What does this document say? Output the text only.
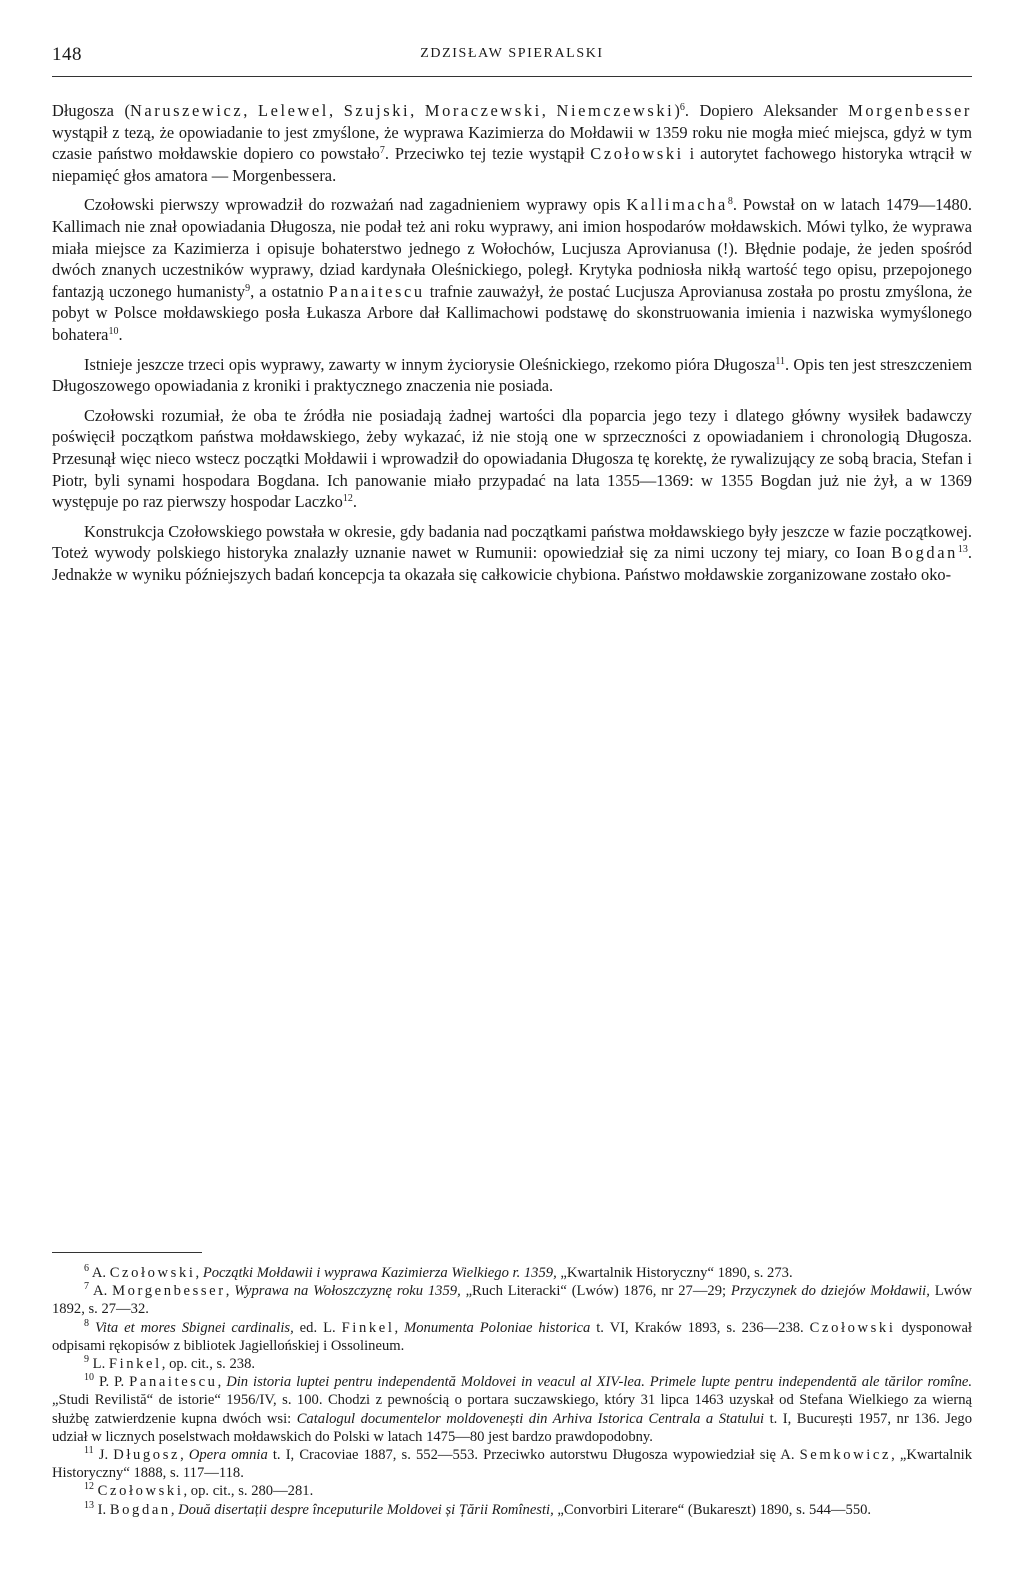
148	ZDZISŁAW SPIERALSKI

Długosza (Naruszewicz, Lelewel, Szujski, Moraczewski, Niemczewski)$^6$. Dopiero Aleksander Morgenbesser wystąpił z tezą, że opowiadanie to jest zmyślone, że wyprawa Kazimierza do Mołdawii w 1359 roku nie mogła mieć miejsca, gdyż w tym czasie państwo mołdawskie dopiero co powstało$^7$. Przeciwko tej tezie wystąpił Czołowski i autorytet fachowego historyka wtrącił w niepamięć głos amatora — Morgenbessera.

Czołowski pierwszy wprowadził do rozważań nad zagadnieniem wyprawy opis Kallimacha$^8$. Powstał on w latach 1479—1480. Kallimach nie znał opowiadania Długosza, nie podał też ani roku wyprawy, ani imion hospodarów mołdawskich. Mówi tylko, że wyprawa miała miejsce za Kazimierza i opisuje bohaterstwo jednego z Wołochów, Lucjusza Aprovianusa (!). Błędnie podaje, że jeden spośród dwóch znanych uczestników wyprawy, dziad kardynała Oleśnickiego, poległ. Krytyka podniosła nikłą wartość tego opisu, przepojonego fantazją uczonego humanisty$^9$, a ostatnio Panaitescu trafnie zauważył, że postać Lucjusza Aprovianusa została po prostu zmyślona, że pobyt w Polsce mołdawskiego posła Łukasza Arbore dał Kallimachowi podstawę do skonstruowania imienia i nazwiska wymyślonego bohatera$^{10}$.

Istnieje jeszcze trzeci opis wyprawy, zawarty w innym życiorysie Oleśnickiego, rzekomo pióra Długosza$^{11}$. Opis ten jest streszczeniem Długoszowego opowiadania z kroniki i praktycznego znaczenia nie posiada.

Czołowski rozumiał, że oba te źródła nie posiadają żadnej wartości dla poparcia jego tezy i dlatego główny wysiłek badawczy poświęcił początkom państwa mołdawskiego, żeby wykazać, iż nie stoją one w sprzeczności z opowiadaniem i chronologią Długosza. Przesunął więc nieco wstecz początki Mołdawii i wprowadził do opowiadania Długosza tę korektę, że rywalizujący ze sobą bracia, Stefan i Piotr, byli synami hospodara Bogdana. Ich panowanie miało przypadać na lata 1355—1369: w 1355 Bogdan już nie żył, a w 1369 występuje po raz pierwszy hospodar Laczko$^{12}$.

Konstrukcja Czołowskiego powstała w okresie, gdy badania nad początkami państwa mołdawskiego były jeszcze w fazie początkowej. Toteż wywody polskiego historyka znalazły uznanie nawet w Rumunii: opowiedział się za nimi uczony tej miary, co Ioan Bogdan$^{13}$. Jednakże w wyniku późniejszych badań koncepcja ta okazała się całkowicie chybiona. Państwo mołdawskie zorganizowane zostało oko-

$^6$ A. Czołowski, Początki Mołdawii i wyprawa Kazimierza Wielkiego r. 1359, „Kwartalnik Historyczny“ 1890, s. 273.

$^7$ A. Morgenbesser, Wyprawa na Wołoszczyznę roku 1359, „Ruch Literacki“ (Lwów) 1876, nr 27—29; Przyczynek do dziejów Mołdawii, Lwów 1892, s. 27—32.

$^8$ Vita et mores Sbignei cardinalis, ed. L. Finkel, Monumenta Poloniae historica t. VI, Kraków 1893, s. 236—238. Czołowski dysponował odpisami rękopisów z bibliotek Jagiellońskiej i Ossolineum.

$^9$ L. Finkel, op. cit., s. 238.

$^{10}$ P. P. Panaitescu, Din istoria luptei pentru independentă Moldovei in veacul al XIV-lea. Primele lupte pentru independentă ale tărilor romîne. „Studi Revilistă“ de istorie“ 1956/IV, s. 100. Chodzi z pewnością o portara suczawskiego, który 31 lipca 1463 uzyskał od Stefana Wielkiego za wierną służbę zatwierdzenie kupna dwóch wsi: Catalogul documentelor moldovenești din Arhiva Istorica Centrala a Statului t. I, București 1957, nr 136. Jego udział w licznych poselstwach mołdawskich do Polski w latach 1475—80 jest bardzo prawdopodobny.

$^{11}$ J. Długosz, Opera omnia t. I, Cracoviae 1887, s. 552—553. Przeciwko autorstwu Długosza wypowiedział się A. Semkowicz, „Kwartalnik Historyczny“ 1888, s. 117—118.

$^{12}$ Czołowski, op. cit., s. 280—281.

$^{13}$ I. Bogdan, Două disertații despre începuturile Moldovei și Țării Romînesti, „Convorbiri Literare“ (Bukareszt) 1890, s. 544—550.
